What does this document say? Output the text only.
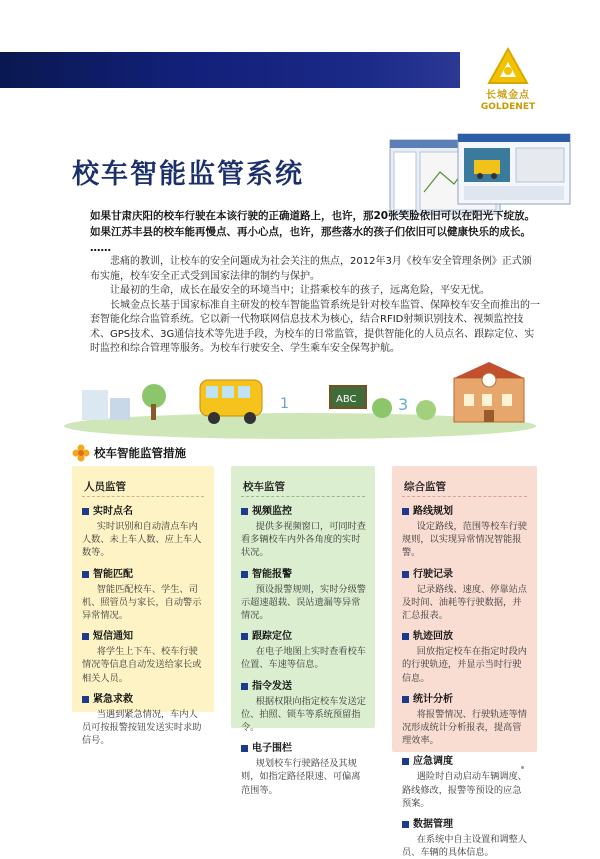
长城金点
GOLDENET
校车智能监管系统

如果甘肃庆阳的校车行驶在本该行驶的正确道路上，也许，那20张笑脸依旧可以在阳光下绽放。

如果江苏丰县的校车能再慢点、再小心点，也许，那些落水的孩子们依旧可以健康快乐的成长。

……

悲痛的教训，让校车的安全问题成为社会关注的焦点，2012年3月《校车安全管理条例》正式颁布实施，校车安全正式受到国家法律的制约与保护。

让最初的生命，成长在最安全的环境当中；让搭乘校车的孩子，远离危险，平安无忧。

长城金点长基于国家标准自主研发的校车智能监管系统是针对校车监管、保障校车安全而推出的一套智能化综合监管系统。它以新一代物联网信息技术为核心，结合RFID射频识别技术、视频监控技术、GPS技术、3G通信技术等先进手段，为校车的日常监管，提供智能化的人员点名、跟踪定位、实时监控和综合管理等服务。为校车行驶安全、学生乘车安全保驾护航。

1	ABC	3
校车智能监管措施
人员监管
实时点名
实时识别和自动清点车内人数、未上车人数、应上车人数等。
智能匹配
智能匹配校车、学生、司机、照管员与家长，自动警示异常情况。
短信通知
将学生上下车、校车行驶情况等信息自动发送给家长或相关人员。
紧急求救
当遇到紧急情况，车内人员可按报警按钮发送实时求助信号。
校车监管
视频监控
提供多视频窗口，可同时查看多辆校车内外各角度的实时状况。
智能报警
预设报警规则，实时分级警示超速超载、误站遗漏等异常情况。
跟踪定位
在电子地图上实时查看校车位置、车速等信息。
指令发送
根据权限向指定校车发送定位、拍照、锁车等系统预留指令。
电子围栏
规划校车行驶路径及其规则，如指定路径限速、可偏离范围等。
综合监管
路线规划
设定路线，范围等校车行驶规则，以实现异常情况智能报警。
行驶记录
记录路线、速度、停靠站点及时间、油耗等行驶数据，并汇总报表。
轨迹回放
回放指定校车在指定时段内的行驶轨迹，并显示当时行驶信息。
统计分析
将报警情况、行驶轨迹等情况形成统计分析报表，提高管理效率。
应急调度
遇险时自动启动车辆调度、路线修改，报警等预设的应急预案。
数据管理
在系统中自主设置和调整人员、车辆的具体信息。
